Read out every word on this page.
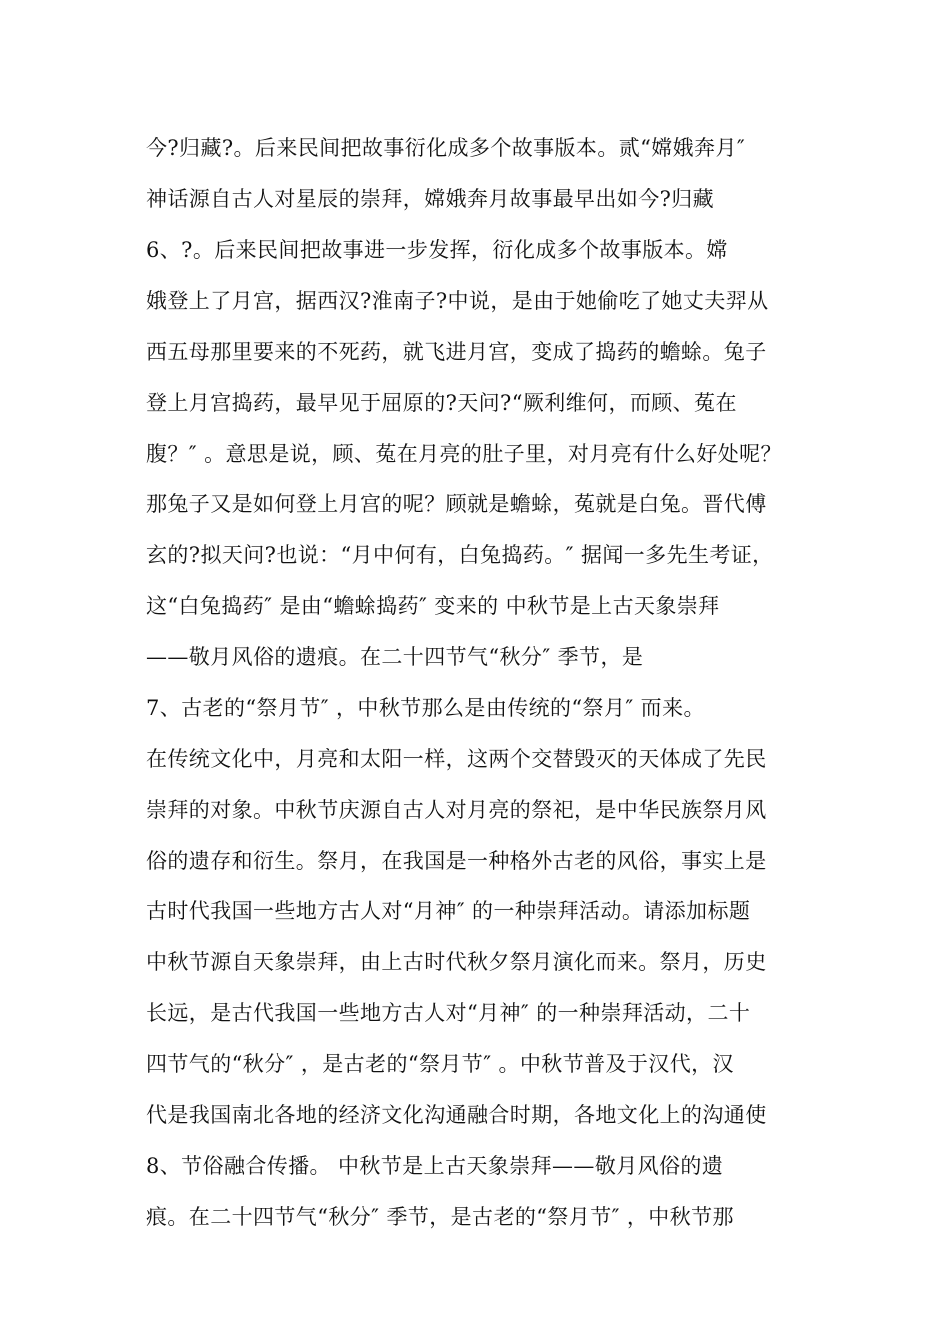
今?归藏?。后来民间把故事衍化成多个故事版本。贰“嫦娥奔月″
神话源自古人对星辰的崇拜，嫦娥奔月故事最早出如今?归藏
6、?。后来民间把故事进一步发挥，衍化成多个故事版本。嫦
娥登上了月宫，据西汉?淮南子?中说，是由于她偷吃了她丈夫羿从
西五母那里要来的不死药，就飞进月宫，变成了捣药的蟾蜍。兔子
登上月宫捣药，最早见于屈原的?天问?“厥利维何，而顾、菟在
腹？″ 。意思是说，顾、菟在月亮的肚子里，对月亮有什么好处呢？
那兔子又是如何登上月宫的呢？顾就是蟾蜍，菟就是白兔。晋代傅
玄的?拟天问?也说：“月中何有，白兔捣药。″ 据闻一多先生考证，
这“白兔捣药″ 是由“蟾蜍捣药″ 变来的 中秋节是上古天象崇拜
——敬月风俗的遗痕。在二十四节气“秋分″ 季节，是
7、古老的“祭月节″ ，中秋节那么是由传统的“祭月″ 而来。
在传统文化中，月亮和太阳一样，这两个交替毁灭的天体成了先民
崇拜的对象。中秋节庆源自古人对月亮的祭祀，是中华民族祭月风
俗的遗存和衍生。祭月，在我国是一种格外古老的风俗，事实上是
古时代我国一些地方古人对“月神″ 的一种崇拜活动。请添加标题
中秋节源自天象崇拜，由上古时代秋夕祭月演化而来。祭月，历史
长远，是古代我国一些地方古人对“月神″ 的一种崇拜活动，二十
四节气的“秋分″ ，是古老的“祭月节″ 。中秋节普及于汉代，汉
代是我国南北各地的经济文化沟通融合时期，各地文化上的沟通使
8、节俗融合传播。 中秋节是上古天象崇拜——敬月风俗的遗
痕。在二十四节气“秋分″ 季节，是古老的“祭月节″ ，中秋节那
